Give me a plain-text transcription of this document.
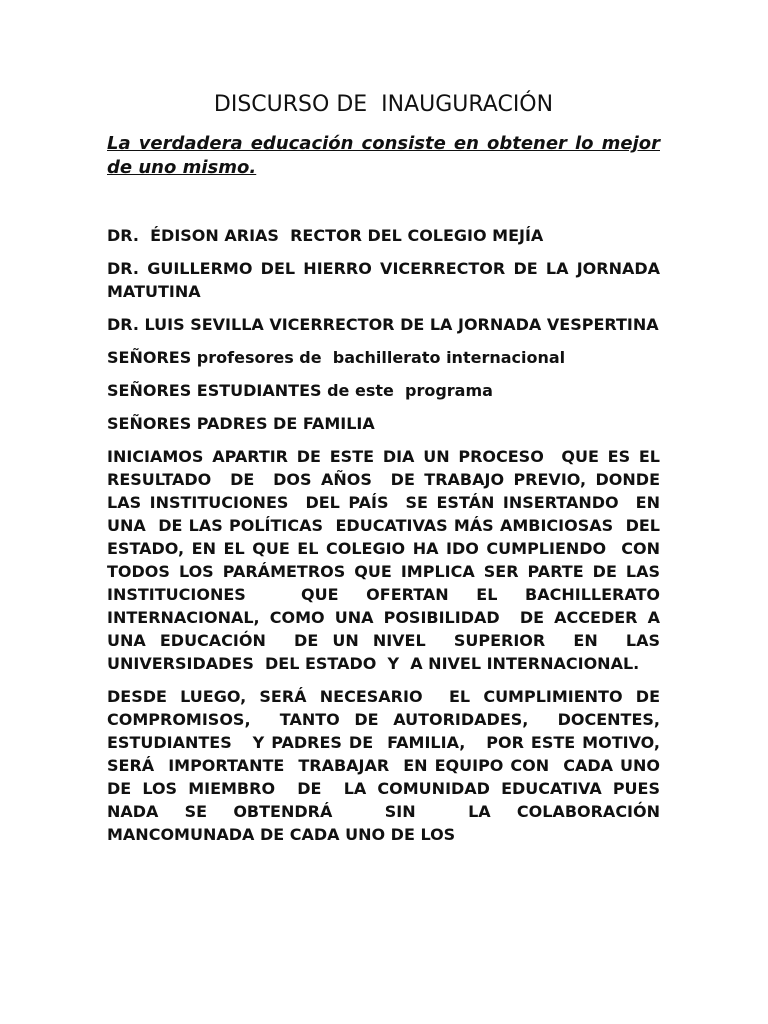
DISCURSO DE  INAUGURACIÓN
La verdadera educación consiste en obtener lo mejor de uno mismo.
DR.  ÉDISON ARIAS  RECTOR DEL COLEGIO MEJÍA
DR. GUILLERMO DEL HIERRO VICERRECTOR DE LA JORNADA MATUTINA
DR. LUIS SEVILLA VICERRECTOR DE LA JORNADA VESPERTINA
SEÑORES profesores de  bachillerato internacional
SEÑORES ESTUDIANTES de este  programa
SEÑORES PADRES DE FAMILIA
INICIAMOS APARTIR DE ESTE DIA UN PROCESO  QUE ES EL RESULTADO  DE  DOS AÑOS  DE TRABAJO PREVIO, DONDE  LAS INSTITUCIONES  DEL PAÍS  SE ESTÁN INSERTANDO  EN  UNA  DE LAS POLÍTICAS  EDUCATIVAS MÁS AMBICIOSAS  DEL ESTADO, EN EL QUE EL COLEGIO HA IDO CUMPLIENDO  CON TODOS LOS PARÁMETROS QUE IMPLICA SER PARTE DE LAS INSTITUCIONES  QUE OFERTAN EL BACHILLERATO INTERNACIONAL, COMO UNA POSIBILIDAD  DE ACCEDER A UNA EDUCACIÓN  DE UN NIVEL  SUPERIOR  EN  LAS  UNIVERSIDADES  DEL ESTADO  Y  A NIVEL INTERNACIONAL.
DESDE LUEGO, SERÁ NECESARIO  EL CUMPLIMIENTO DE COMPROMISOS,  TANTO DE AUTORIDADES,  DOCENTES, ESTUDIANTES   Y PADRES DE  FAMILIA,   POR ESTE MOTIVO, SERÁ  IMPORTANTE  TRABAJAR  EN EQUIPO CON  CADA UNO  DE LOS MIEMBRO  DE  LA COMUNIDAD EDUCATIVA PUES NADA SE OBTENDRÁ  SIN  LA COLABORACIÓN MANCOMUNADA DE CADA UNO DE LOS
